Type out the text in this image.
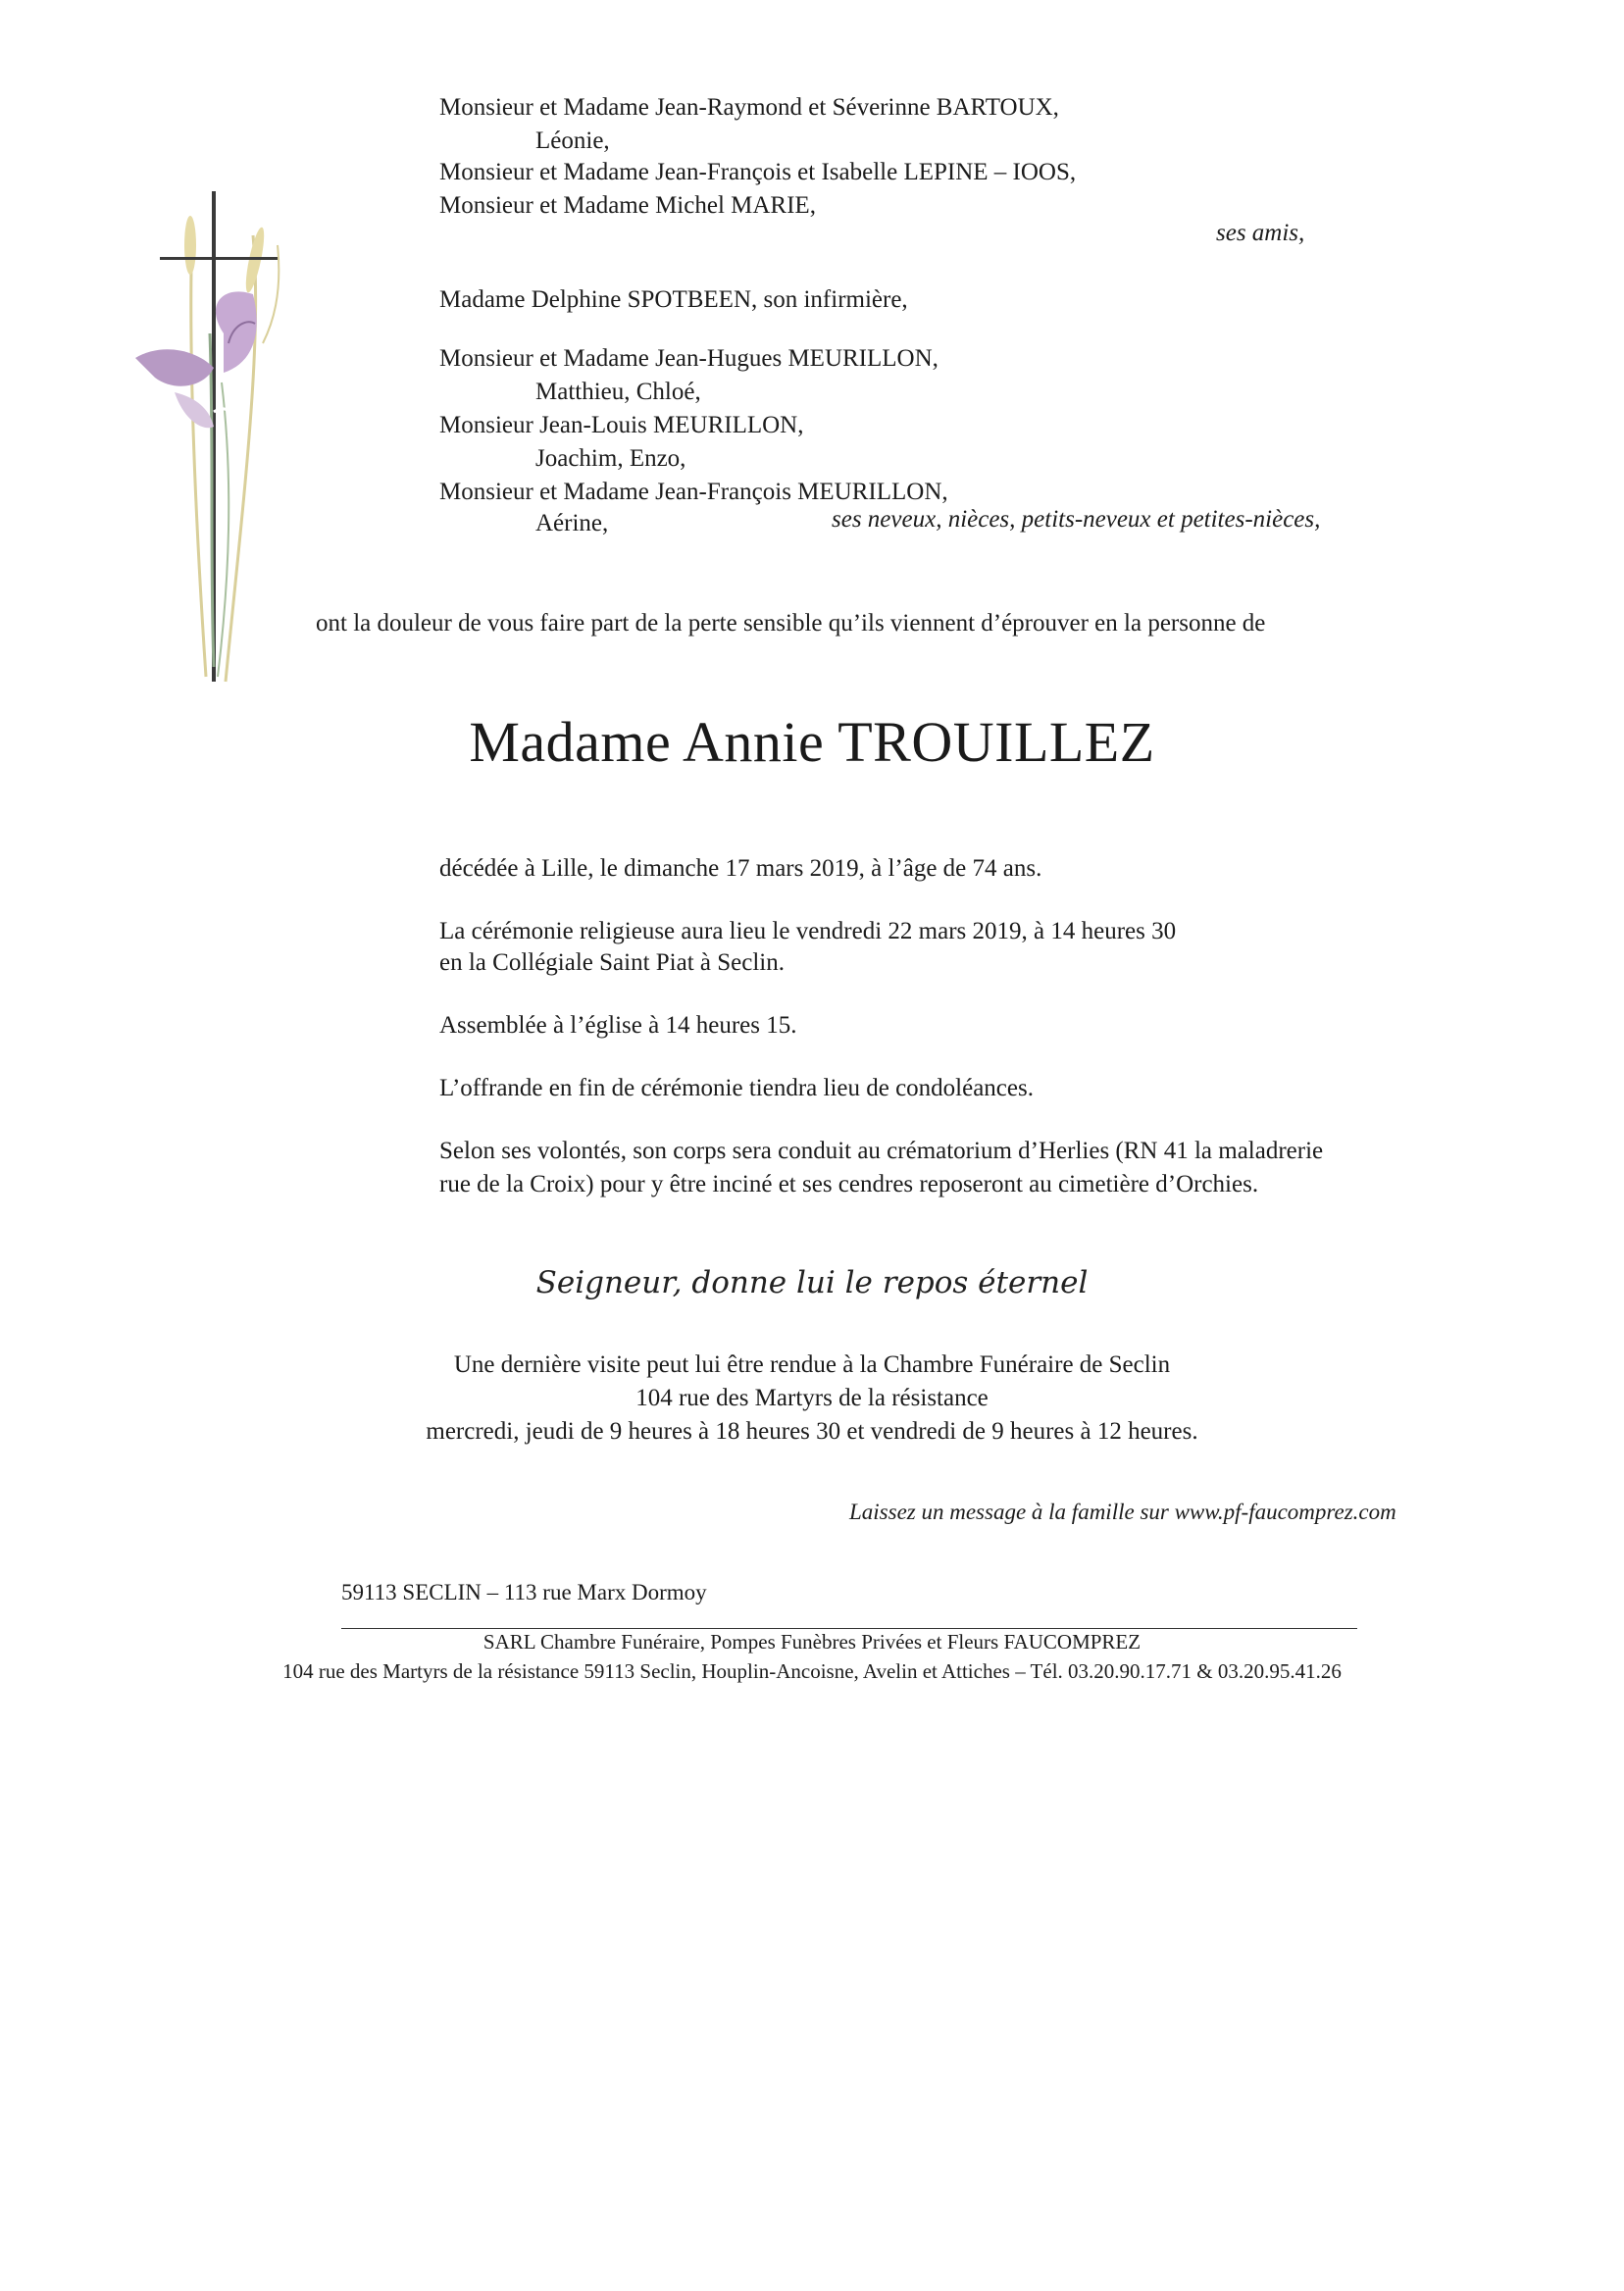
Monsieur et Madame Jean-Raymond et Séverinne BARTOUX,
Léonie,
Monsieur et Madame Jean-François et Isabelle LEPINE – IOOS,
Monsieur et Madame Michel MARIE,
ses amis,
Madame Delphine SPOTBEEN, son infirmière,
Monsieur et Madame Jean-Hugues MEURILLON,
Matthieu, Chloé,
Monsieur Jean-Louis MEURILLON,
Joachim, Enzo,
Monsieur et Madame Jean-François MEURILLON,
Aérine,	ses neveux, nièces, petits-neveux et petites-nièces,
ont la douleur de vous faire part de la perte sensible qu’ils viennent d’éprouver en la personne de
Madame Annie TROUILLEZ
décédée à Lille, le dimanche 17 mars 2019, à l’âge de 74 ans.
La cérémonie religieuse aura lieu le vendredi 22 mars 2019, à 14 heures 30
en la Collégiale Saint Piat à Seclin.
Assemblée à l’église à 14 heures 15.
L’offrande en fin de cérémonie tiendra lieu de condoléances.
Selon ses volontés, son corps sera conduit au crématorium d’Herlies (RN 41 la maladrerie
rue de la Croix) pour y être inciné et ses cendres reposeront au cimetière d’Orchies.
Seigneur, donne lui le repos éternel
Une dernière visite peut lui être rendue à la Chambre Funéraire de Seclin
104 rue des Martyrs de la résistance
mercredi, jeudi de 9 heures à 18 heures 30 et vendredi de 9 heures à 12 heures.
Laissez un message à la famille sur www.pf-faucomprez.com
59113 SECLIN – 113 rue Marx Dormoy
SARL Chambre Funéraire, Pompes Funèbres Privées et Fleurs FAUCOMPREZ
104 rue des Martyrs de la résistance 59113 Seclin, Houplin-Ancoisne, Avelin et Attiches – Tél. 03.20.90.17.71 & 03.20.95.41.26
